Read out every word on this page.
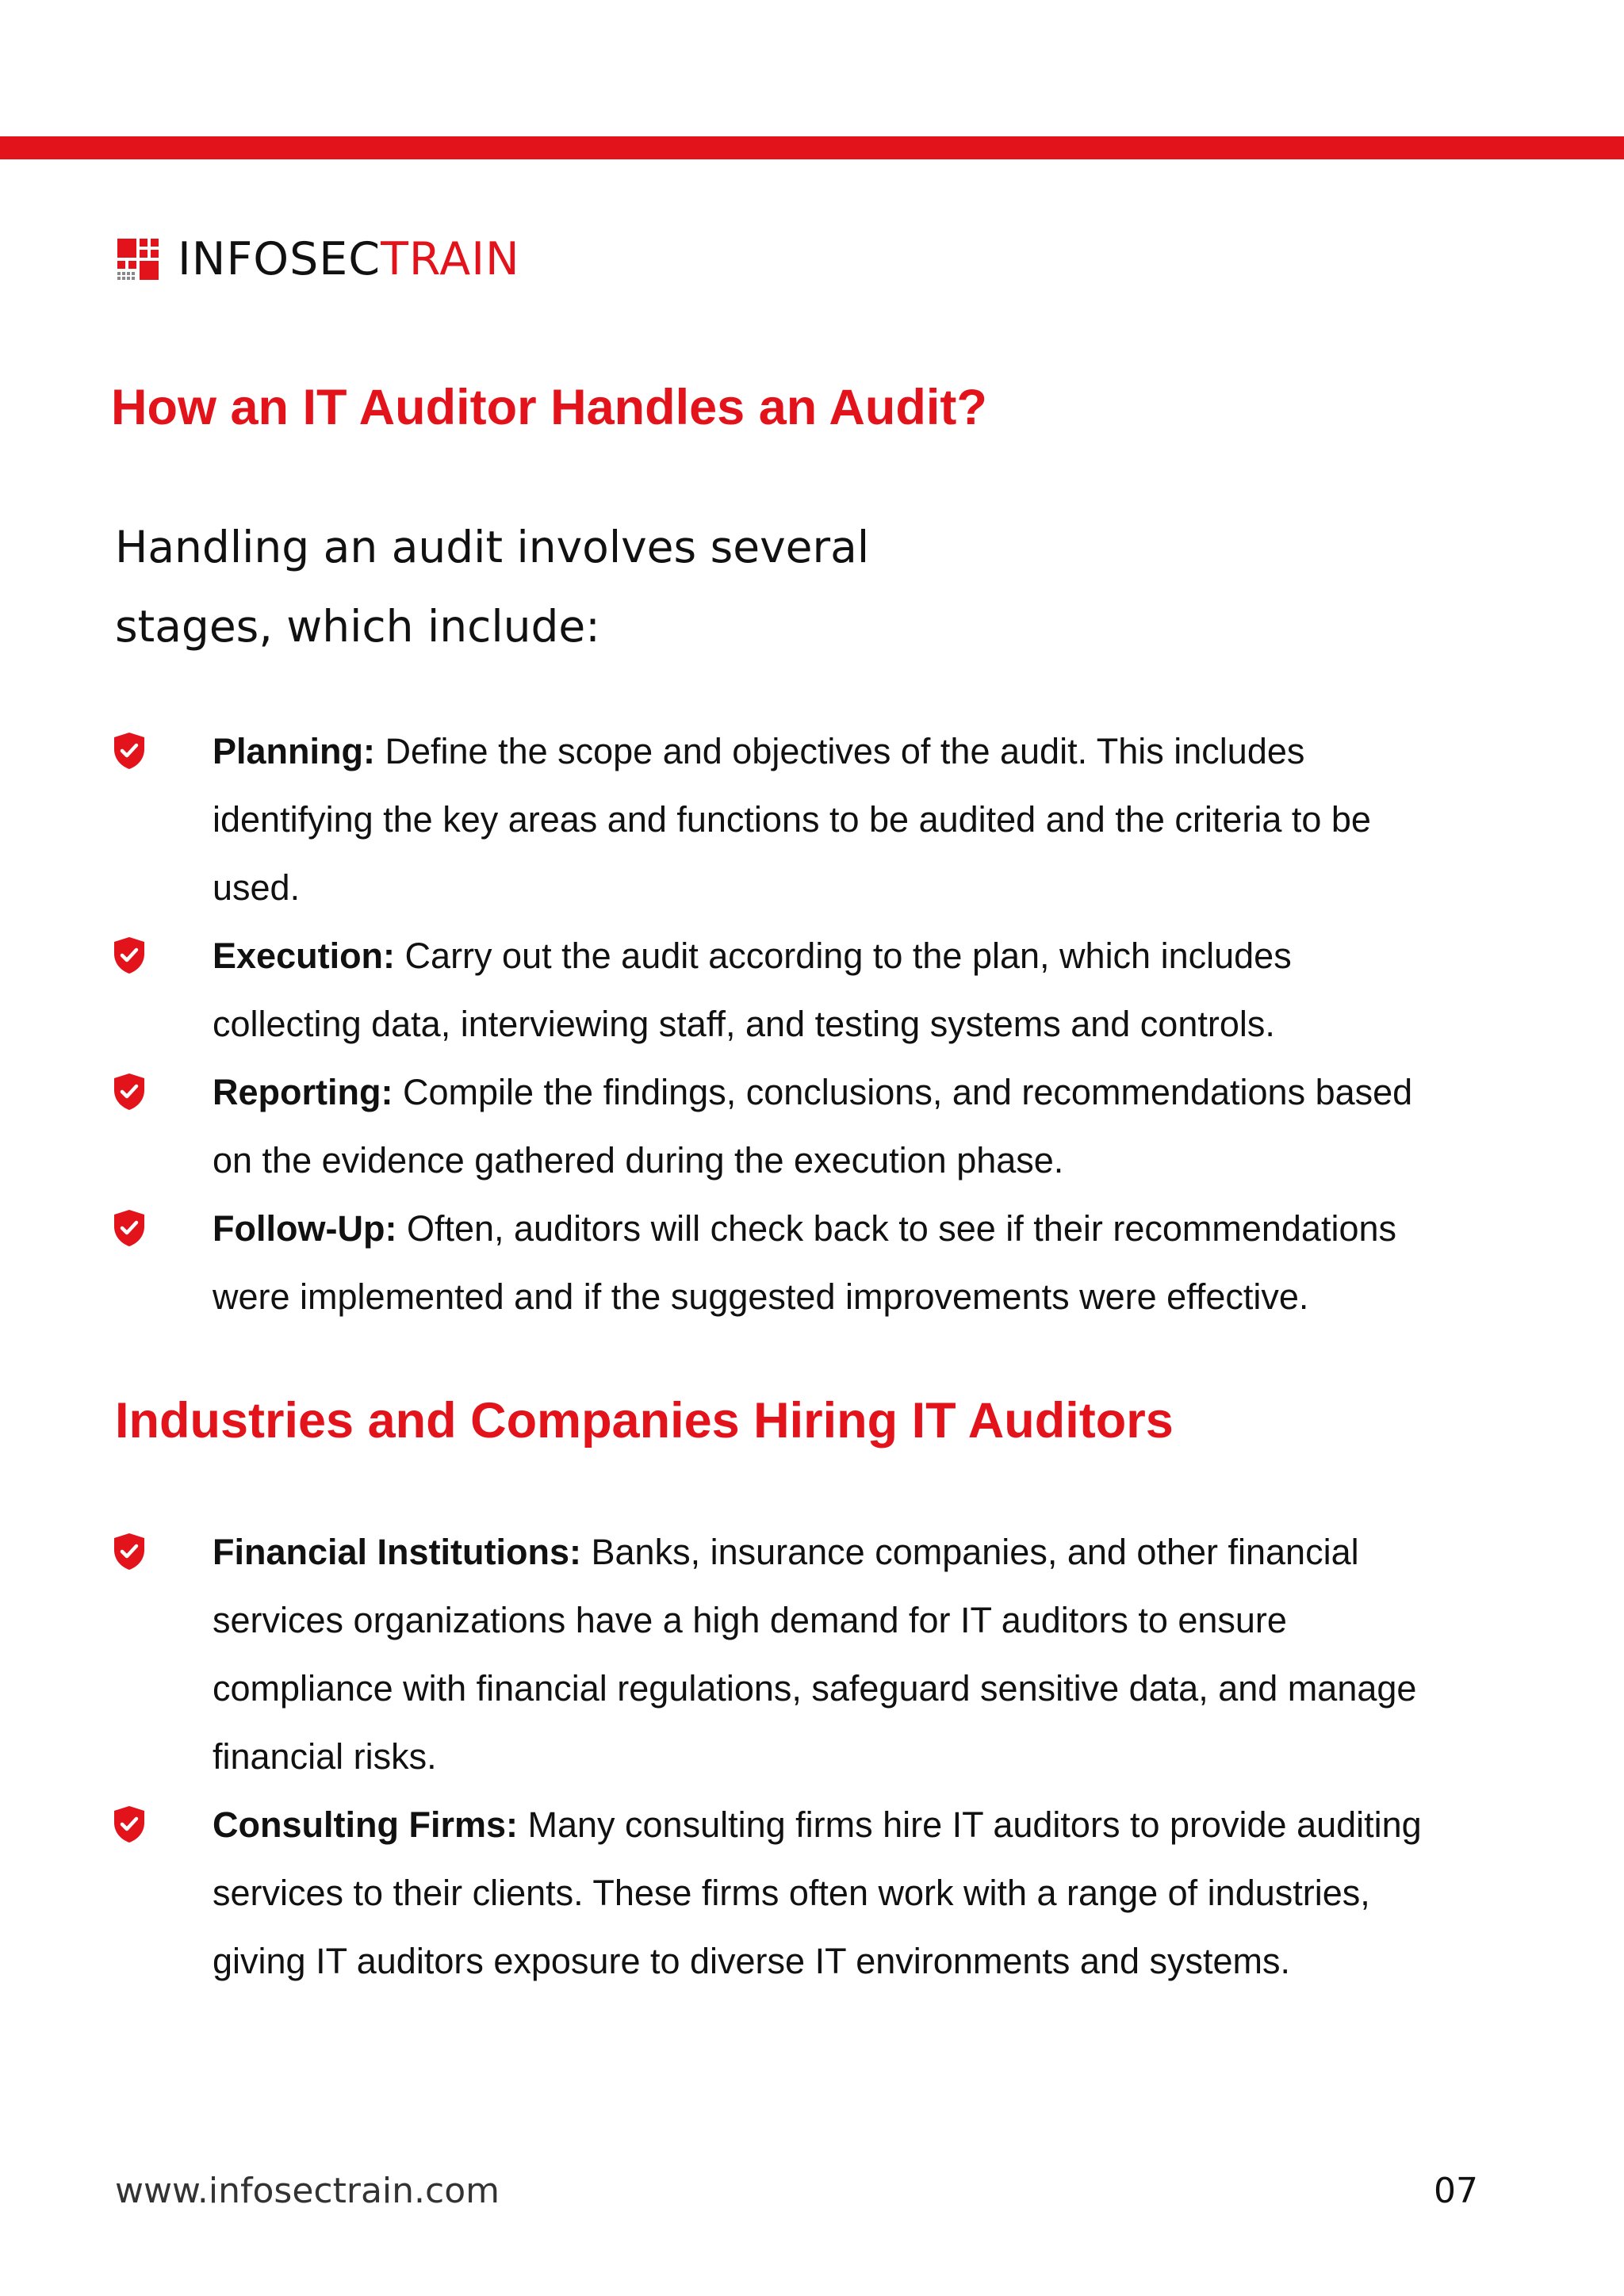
INFOSECTRAIN
How an IT Auditor Handles an Audit?

Handling an audit involves several
stages, which include:

Planning: Define the scope and objectives of the audit. This includes identifying the key areas and functions to be audited and the criteria to be used.
Execution: Carry out the audit according to the plan, which includes collecting data, interviewing staff, and testing systems and controls.
Reporting: Compile the findings, conclusions, and recommendations based on the evidence gathered during the execution phase.
Follow-Up: Often, auditors will check back to see if their recommendations were implemented and if the suggested improvements were effective.
Industries and Companies Hiring IT Auditors
Financial Institutions: Banks, insurance companies, and other financial services organizations have a high demand for IT auditors to ensure compliance with financial regulations, safeguard sensitive data, and manage financial risks.
Consulting Firms: Many consulting firms hire IT auditors to provide auditing services to their clients. These firms often work with a range of industries, giving IT auditors exposure to diverse IT environments and systems.
www.infosectrain.com	07
